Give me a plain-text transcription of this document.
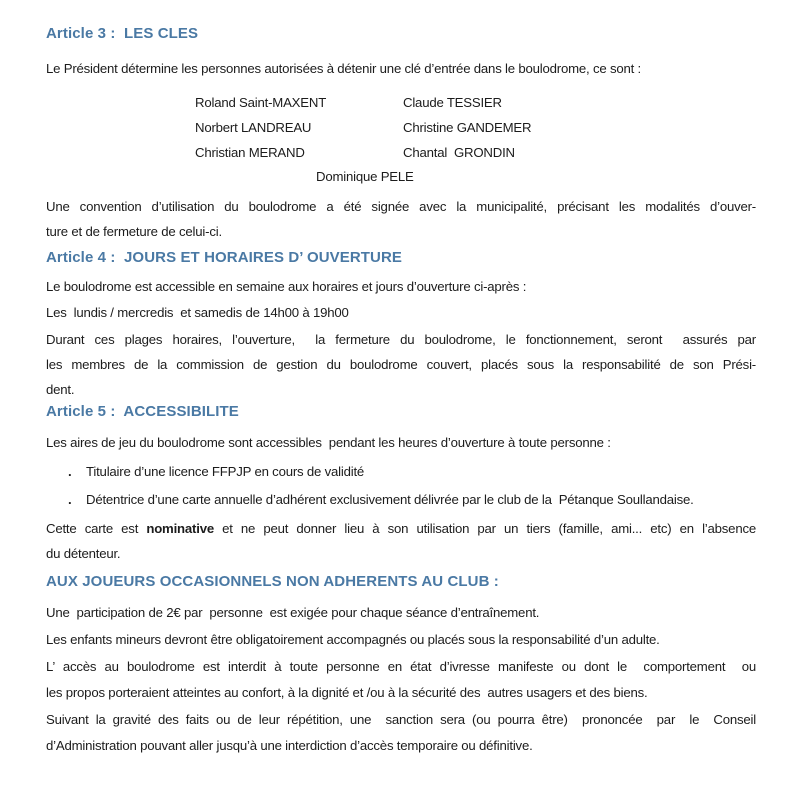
Article 3 :  LES CLES

Le Président détermine les personnes autorisées à détenir une clé d’entrée dans le boulodrome, ce sont :

Roland Saint-MAXENT	Claude TESSIER
Norbert LANDREAU	Christine GANDEMER
Christian MERAND	Chantal  GRONDIN
Dominique PELE

Une convention d’utilisation du boulodrome a été signée avec la municipalité, précisant les modalités d’ouver-

ture et de fermeture de celui-ci.

Article 4 :  JOURS ET HORAIRES D’ OUVERTURE

Le boulodrome est accessible en semaine aux horaires et jours d’ouverture ci-après :

Les  lundis / mercredis  et samedis de 14h00 à 19h00

Durant ces plages horaires, l’ouverture,  la fermeture du boulodrome, le fonctionnement, seront  assurés par

les membres de la commission de gestion du boulodrome couvert, placés sous la responsabilité de son Prési-

dent.

Article 5 :  ACCESSIBILITE

Les aires de jeu du boulodrome sont accessibles  pendant les heures d’ouverture à toute personne :

.	Titulaire d’une licence FFPJP en cours de validité
.	Détentrice d’une carte annuelle d’adhérent exclusivement délivrée par le club de la  Pétanque Soullandaise.

Cette carte est nominative et ne peut donner lieu à son utilisation par un tiers (famille, ami... etc) en l’absence

du détenteur.

AUX JOUEURS OCCASIONNELS NON ADHERENTS AU CLUB :

Une  participation de 2€ par  personne  est exigée pour chaque séance d’entraînement.

Les enfants mineurs devront être obligatoirement accompagnés ou placés sous la responsabilité d’un adulte.

L’ accès au boulodrome est interdit à toute personne en état d’ivresse manifeste ou dont le  comportement  ou

les propos porteraient atteintes au confort, à la dignité et /ou à la sécurité des  autres usagers et des biens.

Suivant la gravité des faits ou de leur répétition, une  sanction sera (ou pourra être)  prononcée  par  le  Conseil

d’Administration pouvant aller jusqu’à une interdiction d’accès temporaire ou définitive.
